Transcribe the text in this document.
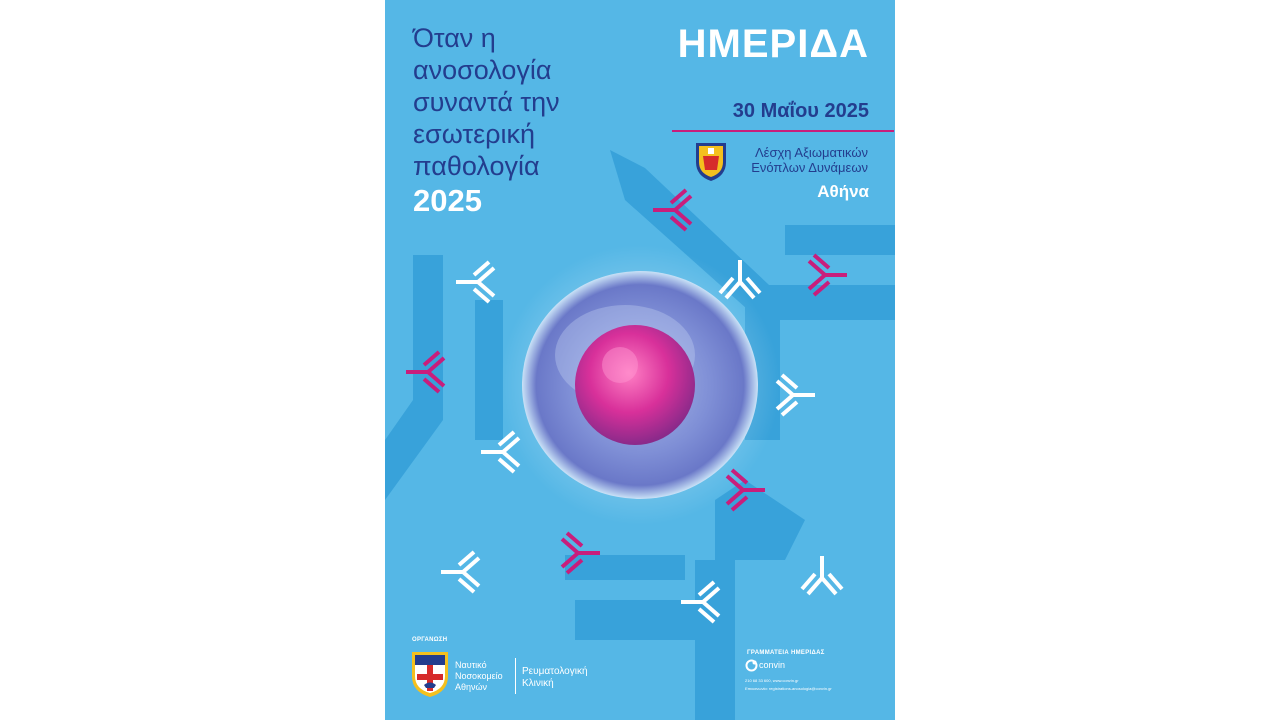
Όταν η
ανοσολογία
συναντά την
εσωτερική
παθολογία
2025
ΗΜΕΡΙΔΑ
30 Μαΐου 2025
Λέσχη Αξιωματικών
Ενόπλων Δυνάμεων
Αθήνα
ΟΡΓΑΝΩΣΗ
Ναυτικό
Νοσοκομείο
Αθηνών
Ρευματολογική
Κλινική
ΓΡΑΜΜΑΤΕΙΑ ΗΜΕΡΙΔΑΣ
convin
210 68 33 600, www.convin.gr
Επικοινωνία: registrations-anosologia@convin.gr
